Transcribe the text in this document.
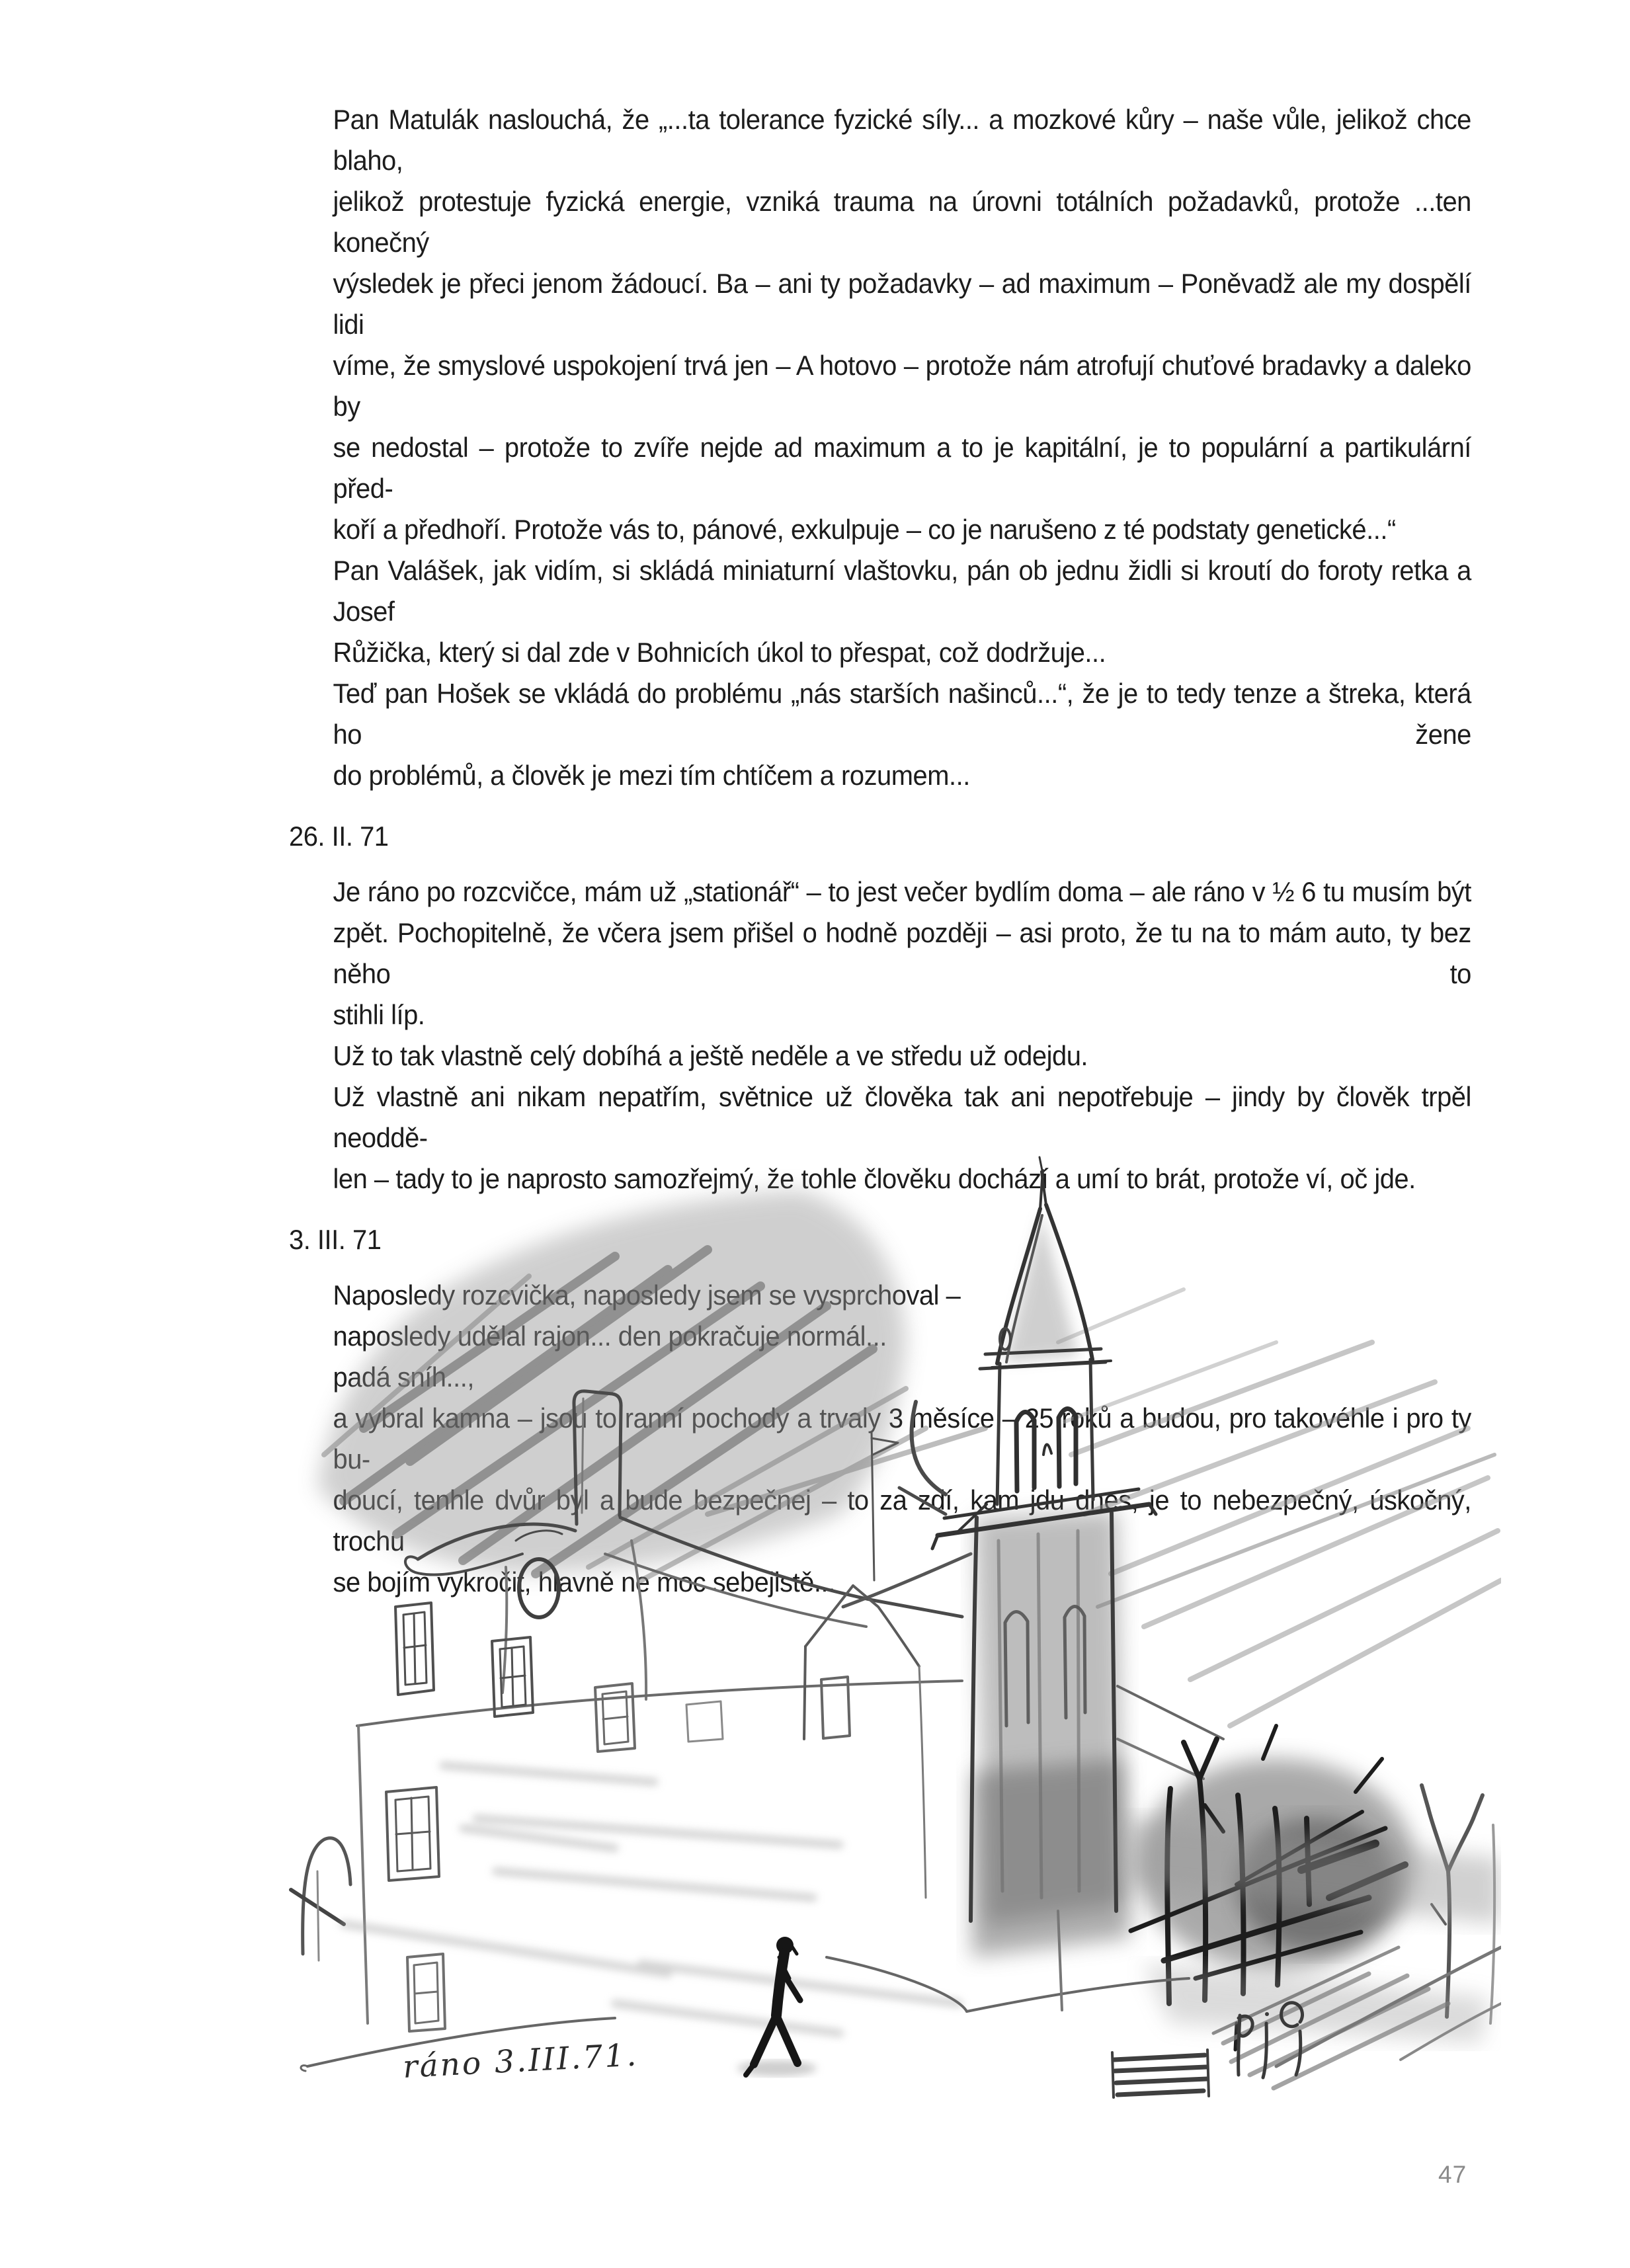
Pan Matulák naslouchá, že „...ta tolerance fyzické síly... a mozkové kůry – naše vůle, jelikož chce blaho,
jelikož protestuje fyzická energie, vzniká trauma na úrovni totálních požadavků, protože ...ten konečný
výsledek je přeci jenom žádoucí. Ba – ani ty požadavky – ad maximum – Poněvadž ale my dospělí lidi
víme, že smyslové uspokojení trvá jen – A hotovo – protože nám atrofují chuťové bradavky a daleko by
se nedostal – protože to zvíře nejde ad maximum a to je kapitální, je to populární a partikulární před-
koří a předhoří. Protože vás to, pánové, exkulpuje – co je narušeno z té podstaty genetické...“
Pan Valášek, jak vidím, si skládá miniaturní vlaštovku, pán ob jednu židli si kroutí do foroty retka a Josef
Růžička, který si dal zde v Bohnicích úkol to přespat, což dodržuje...
Teď pan Hošek se vkládá do problému „nás starších našinců...“, že je to tedy tenze a štreka, která ho žene
do problémů, a člověk je mezi tím chtíčem a rozumem...
26. II. 71
Je ráno po rozcvičce, mám už „stationář“ – to jest večer bydlím doma – ale ráno v ½ 6 tu musím být
zpět. Pochopitelně, že včera jsem přišel o hodně později – asi proto, že tu na to mám auto, ty bez něho to
stihli líp.
Už to tak vlastně celý dobíhá a ještě neděle a ve středu už odejdu.
Už vlastně ani nikam nepatřím, světnice už člověka tak ani nepotřebuje – jindy by člověk trpěl neoddě-
len – tady to je naprosto samozřejmý, že tohle člověku dochází a umí to brát, protože ví, oč jde.
3. III. 71
Naposledy rozcvička, naposledy jsem se vysprchoval –
naposledy udělal rajon... den pokračuje normál...
padá sníh...,
a vybral kamna – jsou to ranní pochody a trvaly 3 měsíce – 25 roků a budou, pro takovéhle i pro ty bu-
doucí, tenhle dvůr byl a bude bezpečnej – to za zdí, kam jdu dnes, je to nebezpečný, úskočný, trochu
se bojím vykročit, hlavně ne moc sebejistě...
ráno 3.III.71.
47
